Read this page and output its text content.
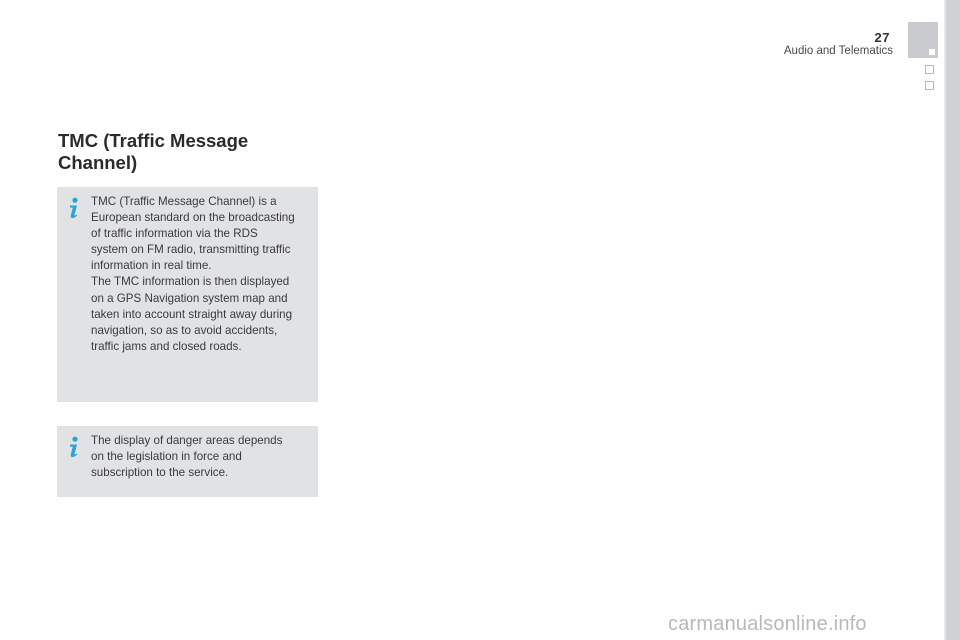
27
Audio and Telematics
TMC (Traffic Message
Channel)

TMC (Traffic Message Channel) is a
European standard on the broadcasting
of traffic information via the RDS
system on FM radio, transmitting traffic
information in real time.
The TMC information is then displayed
on a GPS Navigation system map and
taken into account straight away during
navigation, so as to avoid accidents,
traffic jams and closed roads.

The display of danger areas depends
on the legislation in force and
subscription to the service.

carmanualsonline.info
